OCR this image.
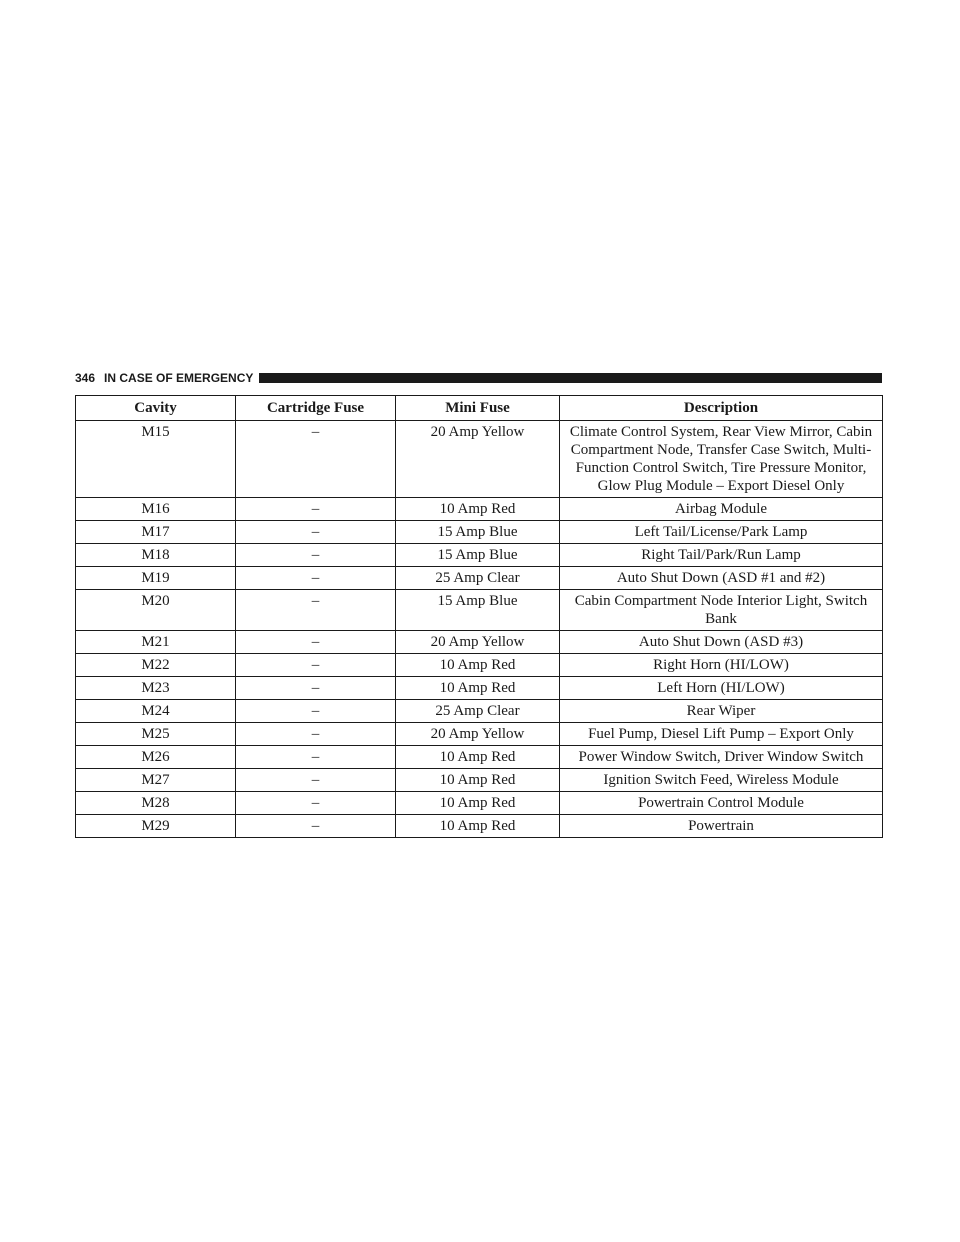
346 IN CASE OF EMERGENCY
Cavity	Cartridge Fuse	Mini Fuse	Description
M15	–	20 Amp Yellow	Climate Control System, Rear View Mirror, Cabin Compartment Node, Transfer Case Switch, Multi-Function Control Switch, Tire Pressure Monitor, Glow Plug Module – Export Diesel Only
M16	–	10 Amp Red	Airbag Module
M17	–	15 Amp Blue	Left Tail/License/Park Lamp
M18	–	15 Amp Blue	Right Tail/Park/Run Lamp
M19	–	25 Amp Clear	Auto Shut Down (ASD #1 and #2)
M20	–	15 Amp Blue	Cabin Compartment Node Interior Light, Switch Bank
M21	–	20 Amp Yellow	Auto Shut Down (ASD #3)
M22	–	10 Amp Red	Right Horn (HI/LOW)
M23	–	10 Amp Red	Left Horn (HI/LOW)
M24	–	25 Amp Clear	Rear Wiper
M25	–	20 Amp Yellow	Fuel Pump, Diesel Lift Pump – Export Only
M26	–	10 Amp Red	Power Window Switch, Driver Window Switch
M27	–	10 Amp Red	Ignition Switch Feed, Wireless Module
M28	–	10 Amp Red	Powertrain Control Module
M29	–	10 Amp Red	Powertrain
